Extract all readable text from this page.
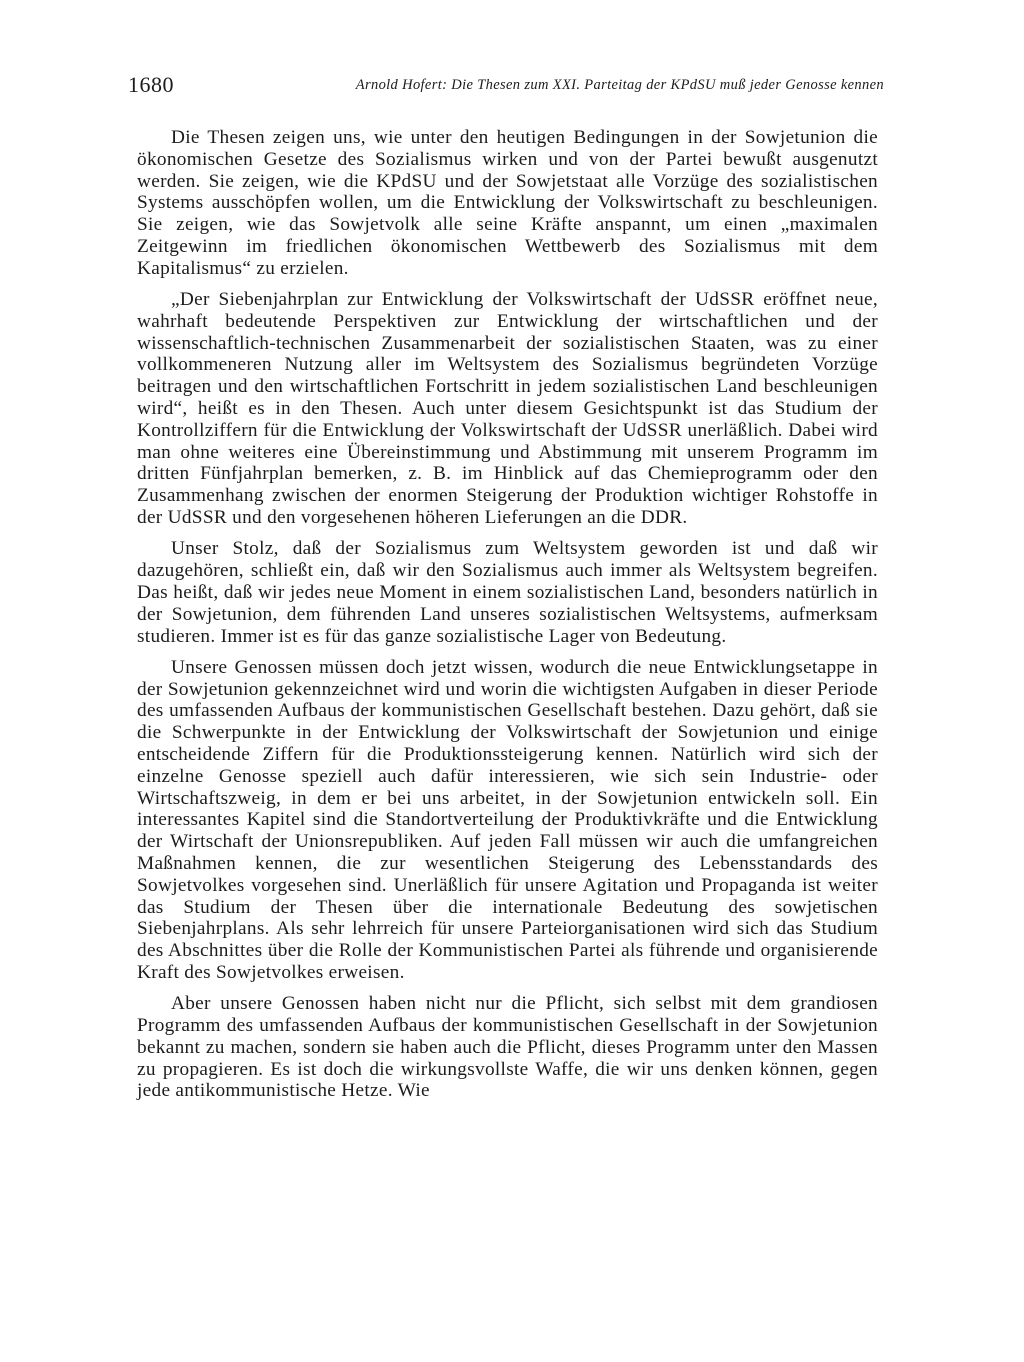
1680	Arnold Hofert: Die Thesen zum XXI. Parteitag der KPdSU muß jeder Genosse kennen

Die Thesen zeigen uns, wie unter den heutigen Bedingungen in der Sowjetunion die ökonomischen Gesetze des Sozialismus wirken und von der Partei bewußt ausgenutzt werden. Sie zeigen, wie die KPdSU und der Sowjetstaat alle Vorzüge des sozialistischen Systems ausschöpfen wollen, um die Entwicklung der Volkswirtschaft zu beschleunigen. Sie zeigen, wie das Sowjetvolk alle seine Kräfte anspannt, um einen „maximalen Zeitgewinn im friedlichen ökonomischen Wettbewerb des Sozialismus mit dem Kapitalismus“ zu erzielen.

„Der Siebenjahrplan zur Entwicklung der Volkswirtschaft der UdSSR eröffnet neue, wahrhaft bedeutende Perspektiven zur Entwicklung der wirtschaftlichen und der wissenschaftlich-technischen Zusammenarbeit der sozialistischen Staaten, was zu einer vollkommeneren Nutzung aller im Weltsystem des Sozialismus begründeten Vorzüge beitragen und den wirtschaftlichen Fortschritt in jedem sozialistischen Land beschleunigen wird“, heißt es in den Thesen. Auch unter diesem Gesichtspunkt ist das Studium der Kontrollziffern für die Entwicklung der Volkswirtschaft der UdSSR unerläßlich. Dabei wird man ohne weiteres eine Übereinstimmung und Abstimmung mit unserem Programm im dritten Fünfjahrplan bemerken, z. B. im Hinblick auf das Chemieprogramm oder den Zusammenhang zwischen der enormen Steigerung der Produktion wichtiger Rohstoffe in der UdSSR und den vorgesehenen höheren Lieferungen an die DDR.

Unser Stolz, daß der Sozialismus zum Weltsystem geworden ist und daß wir dazugehören, schließt ein, daß wir den Sozialismus auch immer als Weltsystem begreifen. Das heißt, daß wir jedes neue Moment in einem sozialistischen Land, besonders natürlich in der Sowjetunion, dem führenden Land unseres sozialistischen Weltsystems, aufmerksam studieren. Immer ist es für das ganze sozialistische Lager von Bedeutung.

Unsere Genossen müssen doch jetzt wissen, wodurch die neue Entwicklungsetappe in der Sowjetunion gekennzeichnet wird und worin die wichtigsten Aufgaben in dieser Periode des umfassenden Aufbaus der kommunistischen Gesellschaft bestehen. Dazu gehört, daß sie die Schwerpunkte in der Entwicklung der Volkswirtschaft der Sowjetunion und einige entscheidende Ziffern für die Produktionssteigerung kennen. Natürlich wird sich der einzelne Genosse speziell auch dafür interessieren, wie sich sein Industrie- oder Wirtschaftszweig, in dem er bei uns arbeitet, in der Sowjetunion entwickeln soll. Ein interessantes Kapitel sind die Standortverteilung der Produktivkräfte und die Entwicklung der Wirtschaft der Unionsrepubliken. Auf jeden Fall müssen wir auch die umfangreichen Maßnahmen kennen, die zur wesentlichen Steigerung des Lebensstandards des Sowjetvolkes vorgesehen sind. Unerläßlich für unsere Agitation und Propaganda ist weiter das Studium der Thesen über die internationale Bedeutung des sowjetischen Siebenjahrplans. Als sehr lehrreich für unsere Parteiorganisationen wird sich das Studium des Abschnittes über die Rolle der Kommunistischen Partei als führende und organisierende Kraft des Sowjetvolkes erweisen.

Aber unsere Genossen haben nicht nur die Pflicht, sich selbst mit dem grandiosen Programm des umfassenden Aufbaus der kommunistischen Gesellschaft in der Sowjetunion bekannt zu machen, sondern sie haben auch die Pflicht, dieses Programm unter den Massen zu propagieren. Es ist doch die wirkungsvollste Waffe, die wir uns denken können, gegen jede antikommunistische Hetze. Wie
